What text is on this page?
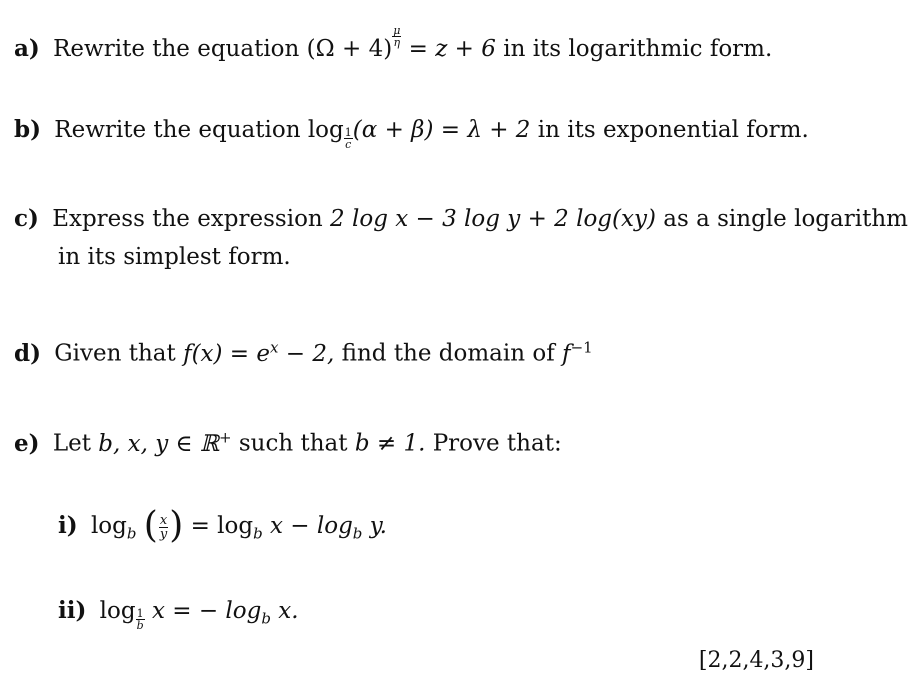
a) Rewrite the equation $(\Omega + 4) \frac{\mu}{\eta} = z + 6$ in its logarithmic form.
b) Rewrite the equation $\log \frac{1}{c} (\alpha + \beta) = \lambda + 2$ in its exponential form.
c) Express the expression 2 log x − 3 log y + 2 log(xy) as a single logarithm
in its simplest form.
d) Given that $f(x) = e^x - 2$, find the domain of $f^{-1}$
e) Let b, x, y ∈ ℝ+ such that b ≠ 1. Prove that:
i) $\log_b$ ( $\frac{x}{y}$ ) = $\log_b x - \log_b y$.
ii) $\log \frac{1}{b}$ x = − $\log_b x$.
[2,2,4,3,9]
